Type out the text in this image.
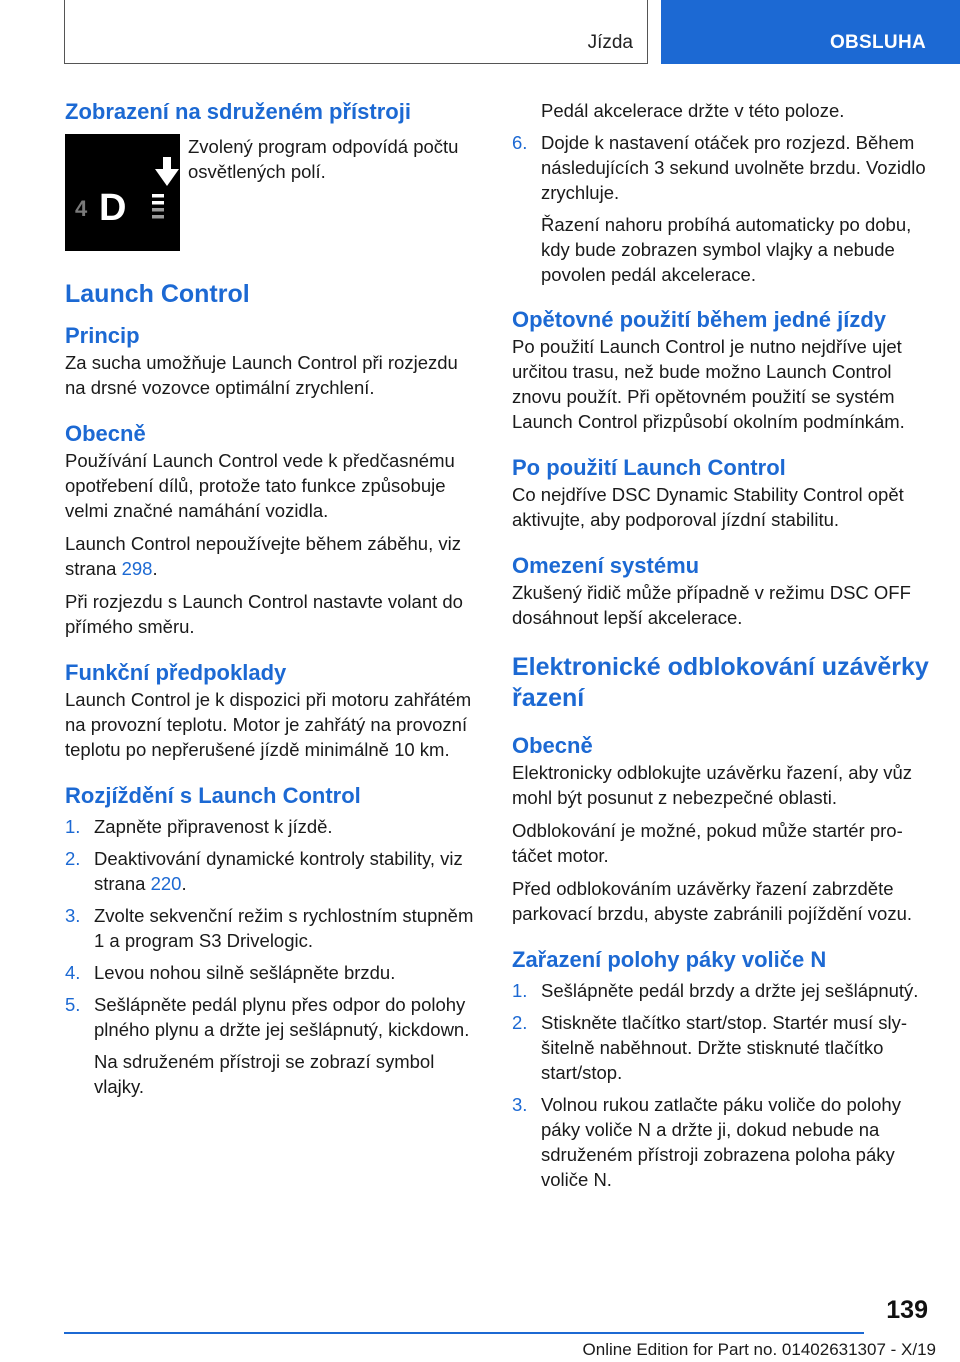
Jízda	OBSLUHA
Zobrazení na sdruženém přístroji
4 D

Zvolený program odpovídá počtu osvětlených polí.

Launch Control
Princip

Za sucha umožňuje Launch Control při rozjezdu na drsné vozovce optimální zrychlení.

Obecně

Používání Launch Control vede k předčasnému opotřebení dílů, protože tato funkce způsobuje velmi značné namáhání vozidla.

Launch Control nepoužívejte během záběhu, viz strana 298.

Při rozjezdu s Launch Control nastavte volant do přímého směru.

Funkční předpoklady

Launch Control je k dispozici při motoru zahřátém na provozní teplotu. Motor je zahřátý na provozní teplotu po nepřerušené jízdě minimálně 10 km.

Rozjíždění s Launch Control
1. Zapněte připravenost k jízdě.
2. Deaktivování dynamické kontroly stability, viz strana 220.
3. Zvolte sekvenční režim s rychlostním stupněm 1 a program S3 Drivelogic.
4. Levou nohou silně sešlápněte brzdu.
5. Sešlápněte pedál plynu přes odpor do polohy plného plynu a držte jej sešlápnutý, kickdown.
Na sdruženém přístroji se zobrazí symbol vlajky.

Pedál akcelerace držte v této poloze.

6. Dojde k nastavení otáček pro rozjezd. Během následujících 3 sekund uvolněte brzdu. Vozidlo zrychluje.
Řazení nahoru probíhá automaticky po dobu, kdy bude zobrazen symbol vlajky a nebude povolen pedál akcelerace.
Opětovné použití během jedné jízdy

Po použití Launch Control je nutno nejdříve ujet určitou trasu, než bude možno Launch Control znovu použít. Při opětovném použití se systém Launch Control přizpůsobí okolním podmínkám.

Po použití Launch Control

Co nejdříve DSC Dynamic Stability Control opět aktivujte, aby podporoval jízdní stabilitu.

Omezení systému

Zkušený řidič může případně v režimu DSC OFF dosáhnout lepší akcelerace.

Elektronické odblokování uzávěrky řazení
Obecně

Elektronicky odblokujte uzávěrku řazení, aby vůz mohl být posunut z nebezpečné oblasti.

Odblokování je možné, pokud může startér protáčet motor.

Před odblokováním uzávěrky řazení zabrzděte parkovací brzdu, abyste zabránili pojíždění vozu.

Zařazení polohy páky voliče N
1. Sešlápněte pedál brzdy a držte jej sešlápnutý.
2. Stiskněte tlačítko start/stop. Startér musí slyšitelně naběhnout. Držte stisknuté tlačítko start/stop.
3. Volnou rukou zatlačte páku voliče do polohy páky voliče N a držte ji, dokud nebude na sdruženém přístroji zobrazena poloha páky voliče N.
139
Online Edition for Part no. 01402631307 - X/19
